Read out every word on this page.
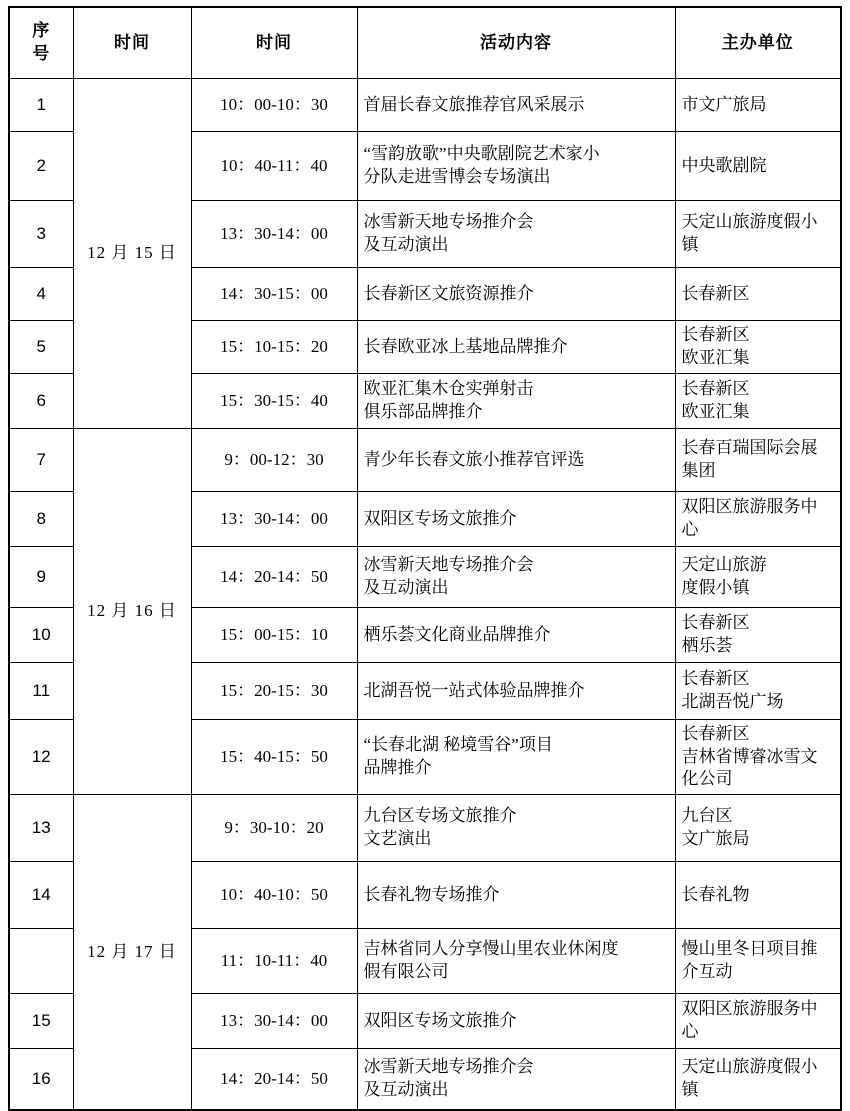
序
号	时间	时间	活动内容	主办单位
1	12 月 15 日	10：00-10：30	首届长春文旅推荐官风采展示	市文广旅局

2		10：40-11：40	“雪韵放歌”中央歌剧院艺术家小
分队走进雪博会专场演出	中央歌剧院

3		13：30-14：00	冰雪新天地专场推介会
及互动演出	天定山旅游度假小
镇

4		14：30-15：00	长春新区文旅资源推介	长春新区

5		15：10-15：20	长春欧亚冰上基地品牌推介	长春新区
欧亚汇集

6		15：30-15：40	欧亚汇集木仓实弹射击
俱乐部品牌推介	长春新区
欧亚汇集

7	12 月 16 日	9：00-12：30	青少年长春文旅小推荐官评选	长春百瑞国际会展
集团

8		13：30-14：00	双阳区专场文旅推介	双阳区旅游服务中
心

9		14：20-14：50	冰雪新天地专场推介会
及互动演出	天定山旅游
度假小镇

10		15：00-15：10	栖乐荟文化商业品牌推介	长春新区
栖乐荟

11		15：20-15：30	北湖吾悦一站式体验品牌推介	长春新区
北湖吾悦广场

12		15：40-15：50	“长春北湖 秘境雪谷”项目
品牌推介	长春新区
吉林省博睿冰雪文
化公司

13	12 月 17 日	9：30-10：20	九台区专场文旅推介
文艺演出	九台区
文广旅局

14		10：40-10：50	长春礼物专场推介	长春礼物

		11：10-11：40	吉林省同人分享慢山里农业休闲度
假有限公司	慢山里冬日项目推
介互动

15		13：30-14：00	双阳区专场文旅推介	双阳区旅游服务中
心

16		14：20-14：50	冰雪新天地专场推介会
及互动演出	天定山旅游度假小
镇
